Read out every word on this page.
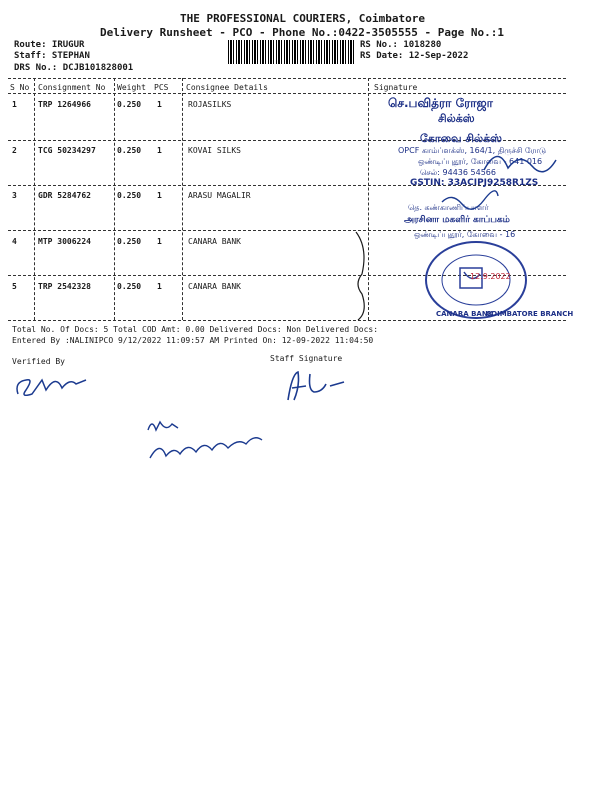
THE PROFESSIONAL COURIERS, Coimbatore
Delivery Runsheet - PCO - Phone No.:0422-3505555 - Page No.:1
Route: IRUGUR
Staff: STEPHAN
DRS No.: DCJB101828001
RS No.: 1018280
RS Date: 12-Sep-2022
S No Consignment No Weight PCS Consignee Details	Signature
1	TRP 1264966	0.250 1	ROJASILKS
2	TCG 50234297	0.250 1	KOVAI SILKS
3	GDR 5284762	0.250 1	ARASU MAGALIR
4	MTP 3006224	0.250 1	CANARA BANK
5	TRP 2542328	0.250 1	CANARA BANK
செ.பவித்ரா ரோஜா
சில்க்ஸ்
கோவை சில்க்ஸ்
OPCF காம்ப்ளக்ஸ், 164/1, திருச்சி ரோடு
ஒண்டிப்புதூர், கோவை - 641 016
செல்: 94436 54566
GSTIN: 33ACIPJ9258R1ZS
தெ. கண்காணிப்பாளர்
அரசினா மகளிர் காப்பகம்
ஒண்டிப்புதூர், கோவை - 16
12.9.2022
CANARA BANK
COIMBATORE BRANCH
Total No. Of Docs: 5 Total COD Amt: 0.00 Delivered Docs: Non Delivered Docs:
Entered By :NALINIPCO 9/12/2022 11:09:57 AM Printed On: 12-09-2022 11:04:50
Verified By	Staff Signature
